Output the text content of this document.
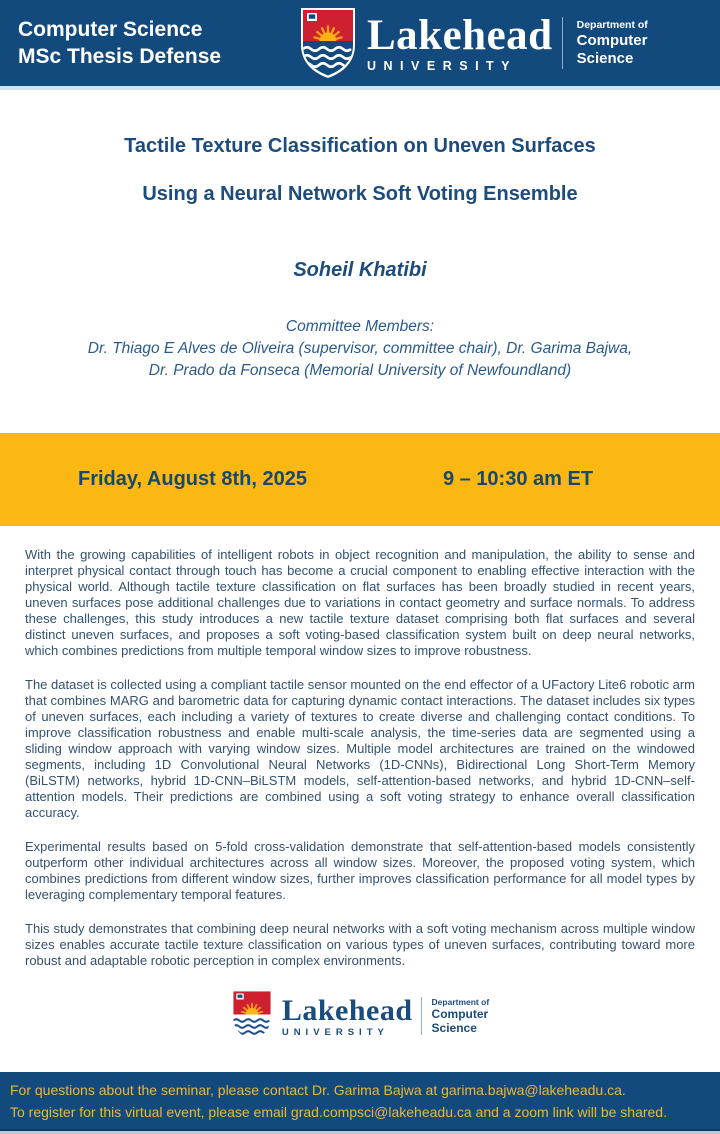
Computer Science
MSc Thesis Defense	Lakehead
UNIVERSITY
Department of
Computer
Science
Tactile Texture Classification on Uneven Surfaces
Using a Neural Network Soft Voting Ensemble
Soheil Khatibi
Committee Members:
Dr. Thiago E Alves de Oliveira (supervisor, committee chair), Dr. Garima Bajwa,
Dr. Prado da Fonseca (Memorial University of Newfoundland)
Friday, August 8th, 2025	9 – 10:30 am ET

With the growing capabilities of intelligent robots in object recognition and manipulation, the ability to sense and interpret physical contact through touch has become a crucial component to enabling effective interaction with the physical world. Although tactile texture classification on flat surfaces has been broadly studied in recent years, uneven surfaces pose additional challenges due to variations in contact geometry and surface normals. To address these challenges, this study introduces a new tactile texture dataset comprising both flat surfaces and several distinct uneven surfaces, and proposes a soft voting-based classification system built on deep neural networks, which combines predictions from multiple temporal window sizes to improve robustness.

The dataset is collected using a compliant tactile sensor mounted on the end effector of a UFactory Lite6 robotic arm that combines MARG and barometric data for capturing dynamic contact interactions. The dataset includes six types of uneven surfaces, each including a variety of textures to create diverse and challenging contact conditions. To improve classification robustness and enable multi-scale analysis, the time-series data are segmented using a sliding window approach with varying window sizes. Multiple model architectures are trained on the windowed segments, including 1D Convolutional Neural Networks (1D-CNNs), Bidirectional Long Short-Term Memory (BiLSTM) networks, hybrid 1D-CNN–BiLSTM models, self-attention-based networks, and hybrid 1D-CNN–self-attention models. Their predictions are combined using a soft voting strategy to enhance overall classification accuracy.

Experimental results based on 5-fold cross-validation demonstrate that self-attention-based models consistently outperform other individual architectures across all window sizes. Moreover, the proposed voting system, which combines predictions from different window sizes, further improves classification performance for all model types by leveraging complementary temporal features.

This study demonstrates that combining deep neural networks with a soft voting mechanism across multiple window sizes enables accurate tactile texture classification on various types of uneven surfaces, contributing toward more robust and adaptable robotic perception in complex environments.

Lakehead
UNIVERSITY
Department of
Computer
Science
For questions about the seminar, please contact Dr. Garima Bajwa at garima.bajwa@lakeheadu.ca.
To register for this virtual event, please email grad.compsci@lakeheadu.ca and a zoom link will be shared.
